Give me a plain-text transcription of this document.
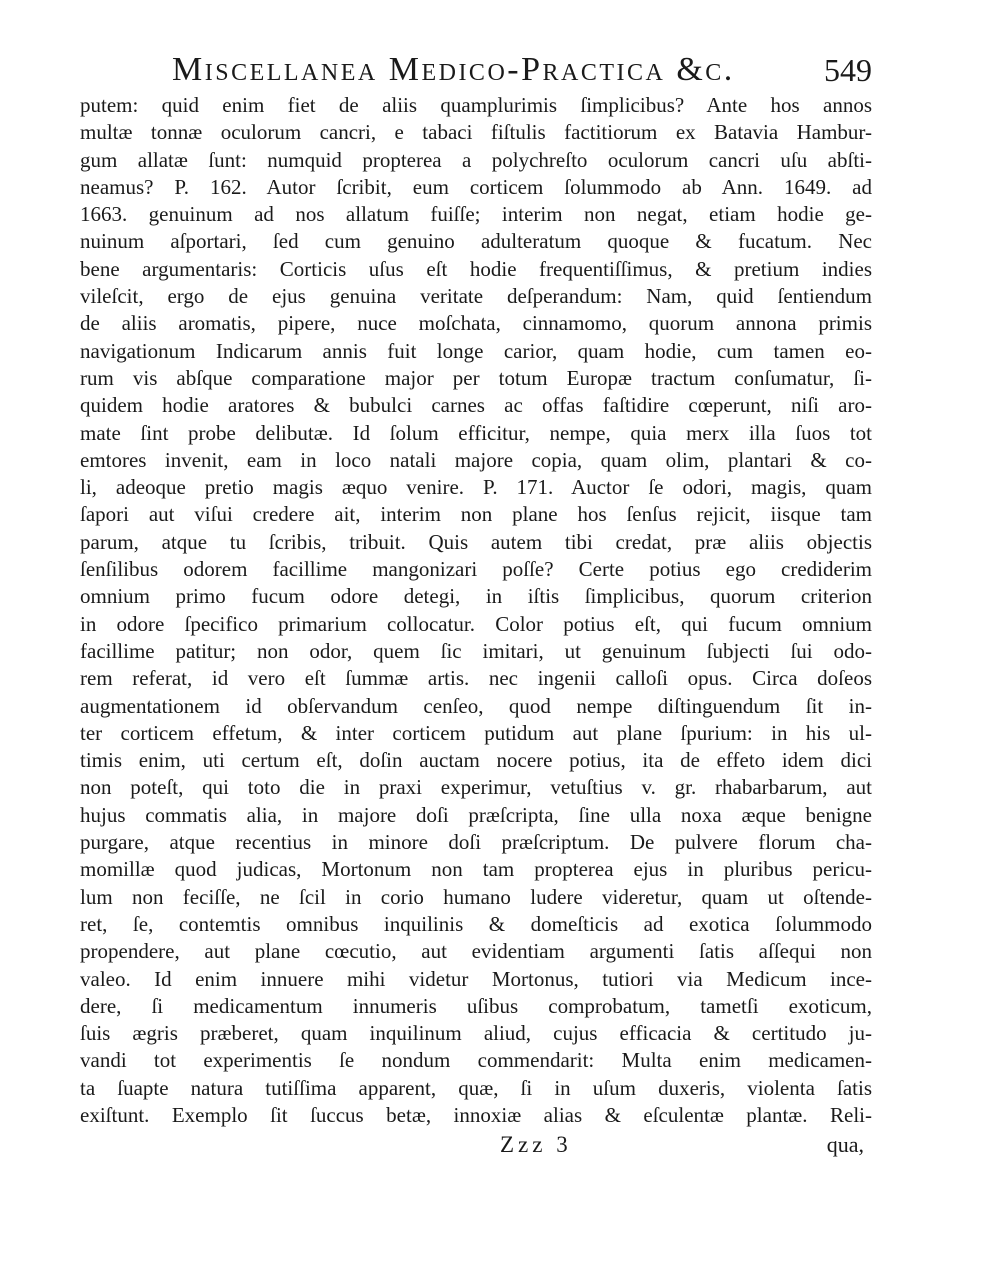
Miscellanea Medico-Practica &c.	549
putem: quid enim fiet de aliis quamplurimis ſimplicibus? Ante hos annos
multæ tonnæ oculorum cancri, e tabaci fiſtulis factitiorum ex Batavia Hambur-
gum allatæ ſunt: numquid propterea a polychreſto oculorum cancri uſu abſti-
neamus? P. 162. Autor ſcribit, eum corticem ſolummodo ab Ann. 1649. ad
1663. genuinum ad nos allatum fuiſſe; interim non negat, etiam hodie ge-
nuinum aſportari, ſed cum genuino adulteratum quoque & fucatum. Nec
bene argumentaris: Corticis uſus eſt hodie frequentiſſimus, & pretium indies
vileſcit, ergo de ejus genuina veritate deſperandum: Nam, quid ſentiendum
de aliis aromatis, pipere, nuce moſchata, cinnamomo, quorum annona primis
navigationum Indicarum annis fuit longe carior, quam hodie, cum tamen eo-
rum vis abſque comparatione major per totum Europæ tractum conſumatur, ſi-
quidem hodie aratores & bubulci carnes ac offas faſtidire cœperunt, niſi aro-
mate ſint probe delibutæ. Id ſolum efficitur, nempe, quia merx illa ſuos tot
emtores invenit, eam in loco natali majore copia, quam olim, plantari & co-
li, adeoque pretio magis æquo venire. P. 171. Auctor ſe odori, magis, quam
ſapori aut viſui credere ait, interim non plane hos ſenſus rejicit, iisque tam
parum, atque tu ſcribis, tribuit. Quis autem tibi credat, præ aliis objectis
ſenſilibus odorem facillime mangonizari poſſe? Certe potius ego crediderim
omnium primo fucum odore detegi, in iſtis ſimplicibus, quorum criterion
in odore ſpecifico primarium collocatur. Color potius eſt, qui fucum omnium
facillime patitur; non odor, quem ſic imitari, ut genuinum ſubjecti ſui odo-
rem referat, id vero eſt ſummæ artis. nec ingenii calloſi opus. Circa doſeos
augmentationem id obſervandum cenſeo, quod nempe diſtinguendum ſit in-
ter corticem effetum, & inter corticem putidum aut plane ſpurium: in his ul-
timis enim, uti certum eſt, doſin auctam nocere potius, ita de effeto idem dici
non poteſt, qui toto die in praxi experimur, vetuſtius v. gr. rhabarbarum, aut
hujus commatis alia, in majore doſi præſcripta, ſine ulla noxa æque benigne
purgare, atque recentius in minore doſi præſcriptum. De pulvere florum cha-
momillæ quod judicas, Mortonum non tam propterea ejus in pluribus pericu-
lum non feciſſe, ne ſcil in corio humano ludere videretur, quam ut oſtende-
ret, ſe, contemtis omnibus inquilinis & domeſticis ad exotica ſolummodo
propendere, aut plane cœcutio, aut evidentiam argumenti ſatis aſſequi non
valeo. Id enim innuere mihi videtur Mortonus, tutiori via Medicum ince-
dere, ſi medicamentum innumeris uſibus comprobatum, tametſi exoticum,
ſuis ægris præberet, quam inquilinum aliud, cujus efficacia & certitudo ju-
vandi tot experimentis ſe nondum commendarit: Multa enim medicamen-
ta ſuapte natura tutiſſima apparent, quæ, ſi in uſum duxeris, violenta ſatis
exiſtunt. Exemplo ſit ſuccus betæ, innoxiæ alias & eſculentæ plantæ. Reli-
Zzz 3	qua,
